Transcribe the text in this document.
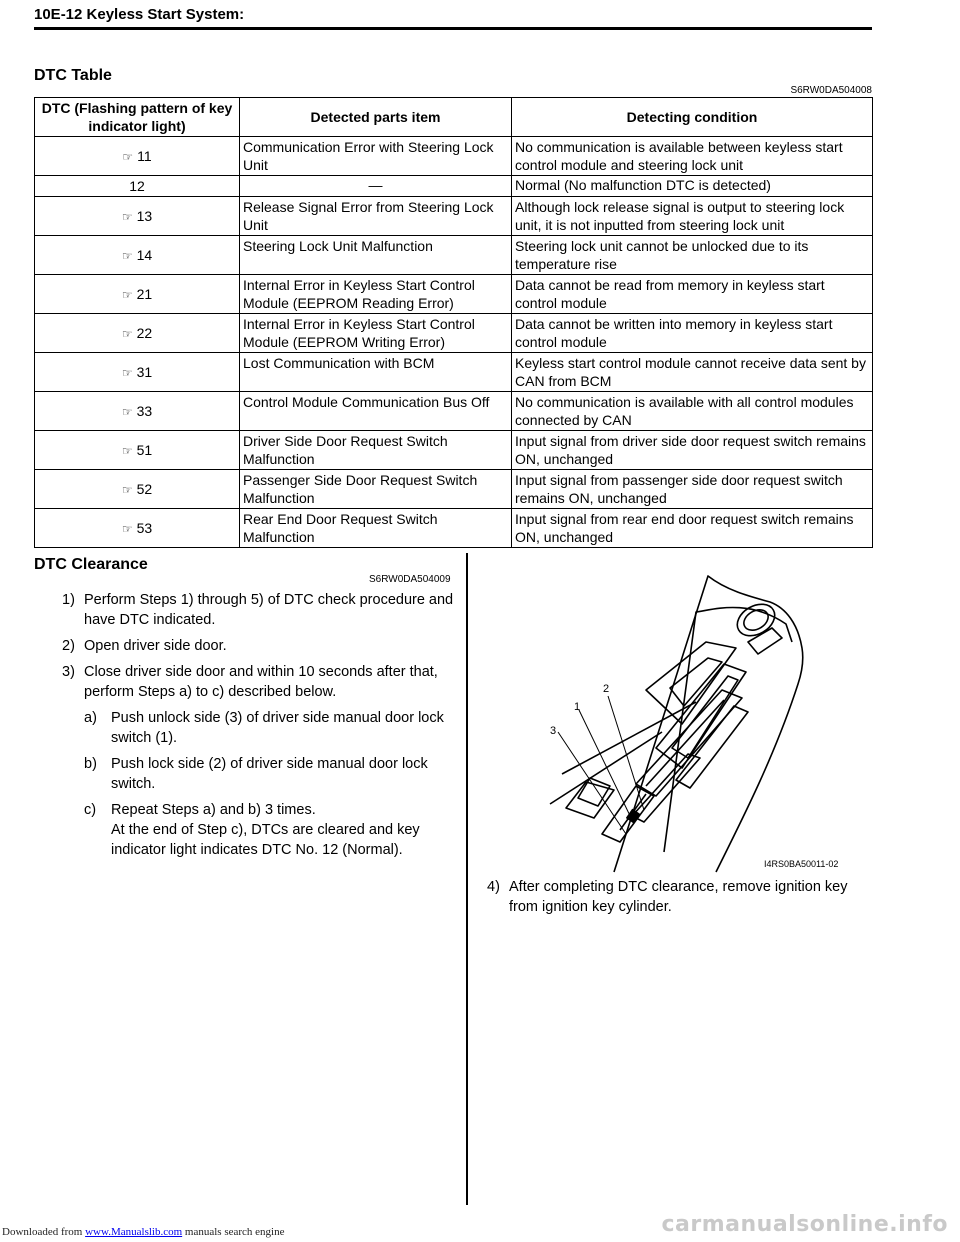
10E-12 Keyless Start System:
DTC Table
S6RW0DA504008
DTC (Flashing pattern of key indicator light)	Detected parts item	Detecting condition
☞ 11	Communication Error with Steering Lock Unit	No communication is available between keyless start control module and steering lock unit
12	—	Normal (No malfunction DTC is detected)
☞ 13	Release Signal Error from Steering Lock Unit	Although lock release signal is output to steering lock unit, it is not inputted from steering lock unit
☞ 14	Steering Lock Unit Malfunction	Steering lock unit cannot be unlocked due to its temperature rise
☞ 21	Internal Error in Keyless Start Control Module (EEPROM Reading Error)	Data cannot be read from memory in keyless start control module
☞ 22	Internal Error in Keyless Start Control Module (EEPROM Writing Error)	Data cannot be written into memory in keyless start control module
☞ 31	Lost Communication with BCM	Keyless start control module cannot receive data sent by CAN from BCM
☞ 33	Control Module Communication Bus Off	No communication is available with all control modules connected by CAN
☞ 51	Driver Side Door Request Switch Malfunction	Input signal from driver side door request switch remains ON, unchanged
☞ 52	Passenger Side Door Request Switch Malfunction	Input signal from passenger side door request switch remains ON, unchanged
☞ 53	Rear End Door Request Switch Malfunction	Input signal from rear end door request switch remains ON, unchanged
DTC Clearance
S6RW0DA504009
1) Perform Steps 1) through 5) of DTC check procedure and have DTC indicated.
2) Open driver side door.
3) Close driver side door and within 10 seconds after that, perform Steps a) to c) described below.
a) Push unlock side (3) of driver side manual door lock switch (1).
b) Push lock side (2) of driver side manual door lock switch.
c) Repeat Steps a) and b) 3 times.
At the end of Step c), DTCs are cleared and key indicator light indicates DTC No. 12 (Normal).
2
1
3
I4RS0BA50011-02
4) After completing DTC clearance, remove ignition key from ignition key cylinder.
Downloaded from www.Manualslib.com manuals search engine	carmanualsonline.info
